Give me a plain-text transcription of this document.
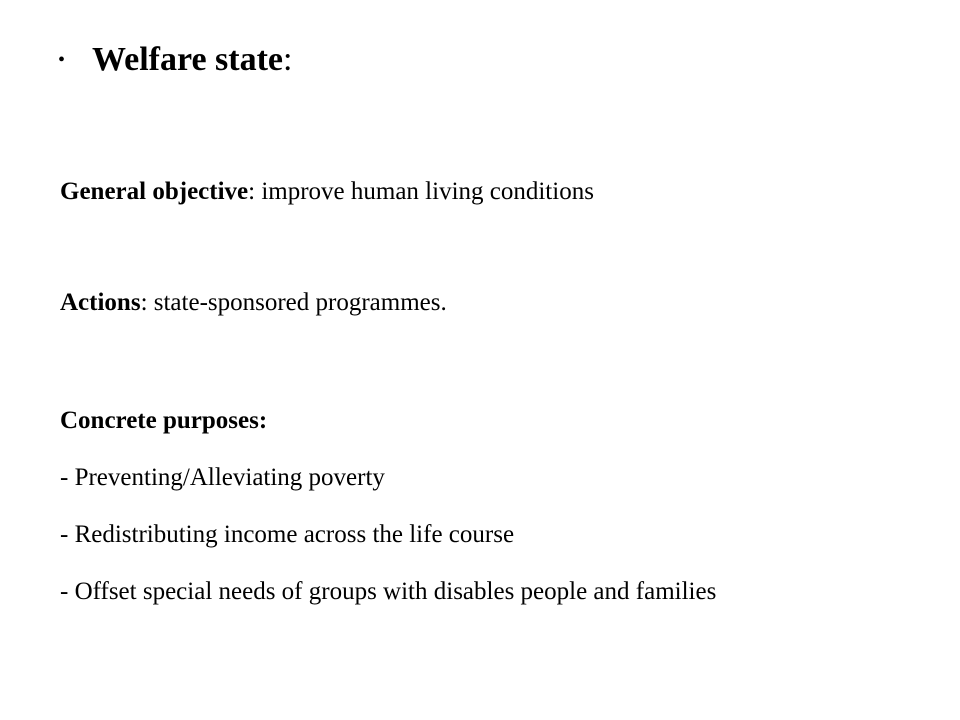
• Welfare state:
General objective: improve human living conditions
Actions: state-sponsored programmes.
Concrete purposes:
- Preventing/Alleviating poverty
- Redistributing income across the life course
- Offset special needs of groups with disables people and families
